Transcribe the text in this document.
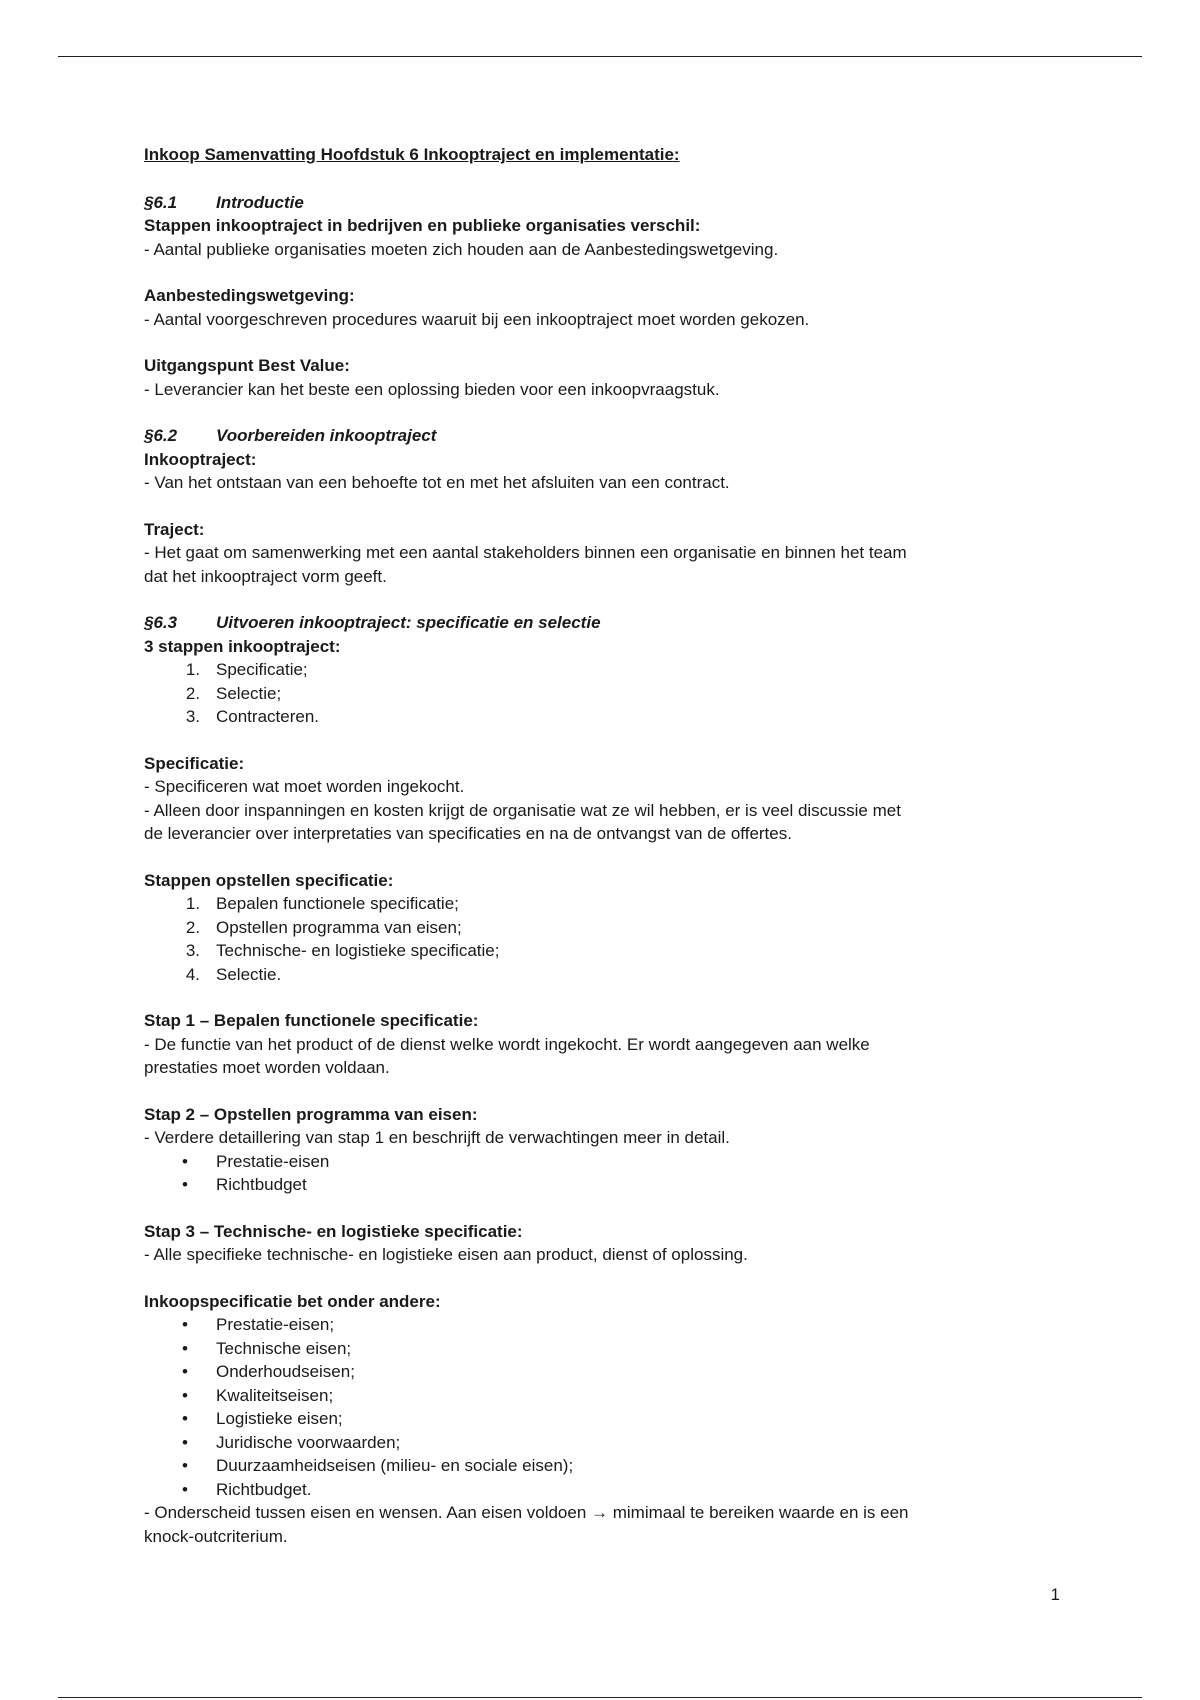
Inkoop Samenvatting Hoofdstuk 6 Inkooptraject en implementatie:

§6.1 Introductie

Stappen inkooptraject in bedrijven en publieke organisaties verschil:

- Aantal publieke organisaties moeten zich houden aan de Aanbestedingswetgeving.

Aanbestedingswetgeving:

- Aantal voorgeschreven procedures waaruit bij een inkooptraject moet worden gekozen.

Uitgangspunt Best Value:

- Leverancier kan het beste een oplossing bieden voor een inkoopvraagstuk.

§6.2 Voorbereiden inkooptraject

Inkooptraject:

- Van het ontstaan van een behoefte tot en met het afsluiten van een contract.

Traject:

- Het gaat om samenwerking met een aantal stakeholders binnen een organisatie en binnen het team

dat het inkooptraject vorm geeft.

§6.3 Uitvoeren inkooptraject: specificatie en selectie

3 stappen inkooptraject:

1. Specificatie;
2. Selectie;
3. Contracteren.

Specificatie:

- Specificeren wat moet worden ingekocht.

- Alleen door inspanningen en kosten krijgt de organisatie wat ze wil hebben, er is veel discussie met

de leverancier over interpretaties van specificaties en na de ontvangst van de offertes.

Stappen opstellen specificatie:

1. Bepalen functionele specificatie;
2. Opstellen programma van eisen;
3. Technische- en logistieke specificatie;
4. Selectie.

Stap 1 – Bepalen functionele specificatie:

- De functie van het product of de dienst welke wordt ingekocht. Er wordt aangegeven aan welke

prestaties moet worden voldaan.

Stap 2 – Opstellen programma van eisen:

- Verdere detaillering van stap 1 en beschrijft de verwachtingen meer in detail.

• Prestatie-eisen
• Richtbudget

Stap 3 – Technische- en logistieke specificatie:

- Alle specifieke technische- en logistieke eisen aan product, dienst of oplossing.

Inkoopspecificatie bet onder andere:

• Prestatie-eisen;
• Technische eisen;
• Onderhoudseisen;
• Kwaliteitseisen;
• Logistieke eisen;
• Juridische voorwaarden;
• Duurzaamheidseisen (milieu- en sociale eisen);
• Richtbudget.

- Onderscheid tussen eisen en wensen. Aan eisen voldoen → mimimaal te bereiken waarde en is een

knock-outcriterium.

1
